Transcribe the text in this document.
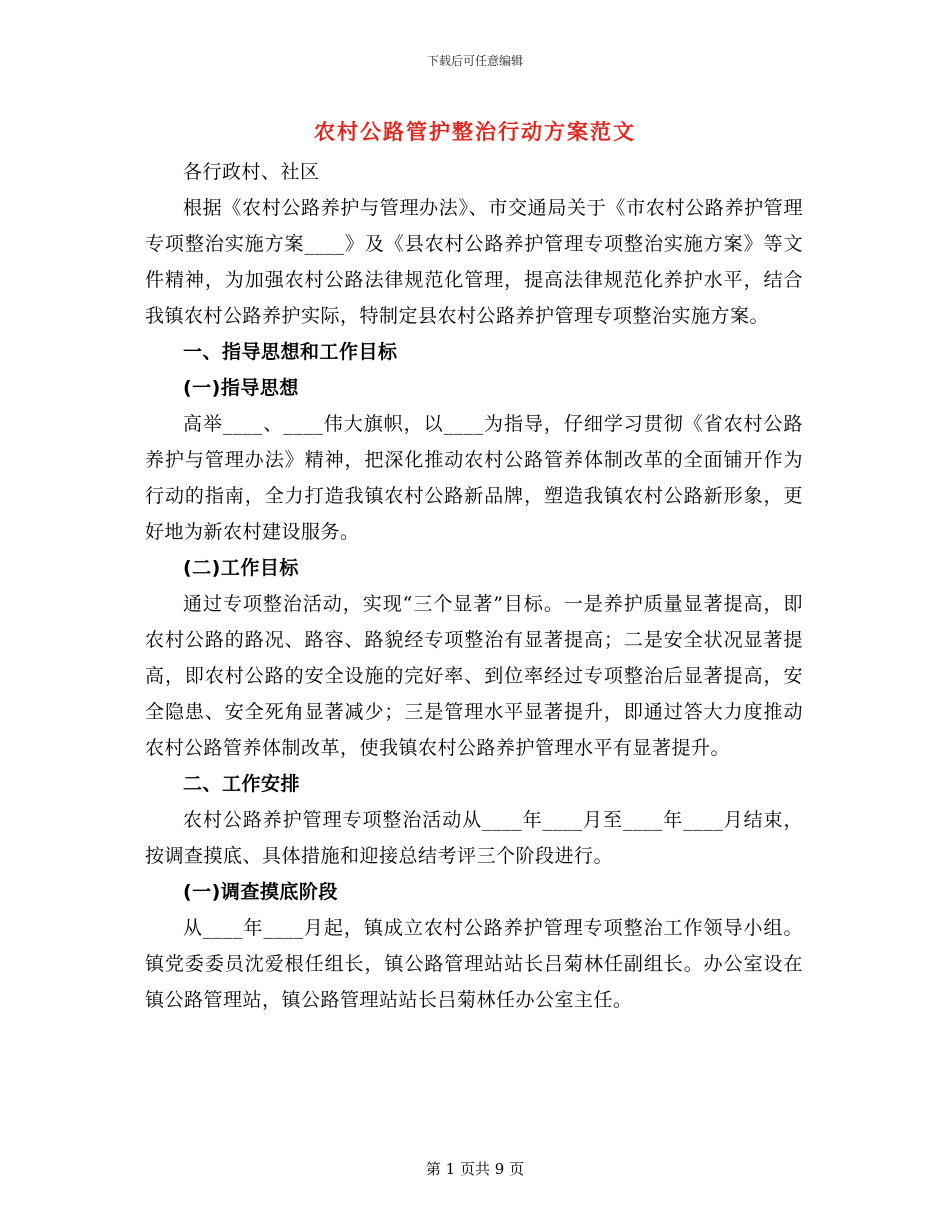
下载后可任意编辑
农村公路管护整治行动方案范文

各行政村、社区

根据《农村公路养护与管理办法》、市交通局关于《市农村公路养护管理专项整治实施方案____》及《县农村公路养护管理专项整治实施方案》等文件精神，为加强农村公路法律规范化管理，提高法律规范化养护水平，结合我镇农村公路养护实际，特制定县农村公路养护管理专项整治实施方案。

一、指导思想和工作目标

(一)指导思想

高举____、____伟大旗帜，以____为指导，仔细学习贯彻《省农村公路养护与管理办法》精神，把深化推动农村公路管养体制改革的全面铺开作为行动的指南，全力打造我镇农村公路新品牌，塑造我镇农村公路新形象，更好地为新农村建设服务。

(二)工作目标

通过专项整治活动，实现“三个显著”目标。一是养护质量显著提高，即农村公路的路况、路容、路貌经专项整治有显著提高；二是安全状况显著提高，即农村公路的安全设施的完好率、到位率经过专项整治后显著提高，安全隐患、安全死角显著减少；三是管理水平显著提升，即通过答大力度推动农村公路管养体制改革，使我镇农村公路养护管理水平有显著提升。

二、工作安排

农村公路养护管理专项整治活动从____年____月至____年____月结束，按调查摸底、具体措施和迎接总结考评三个阶段进行。

(一)调查摸底阶段

从____年____月起，镇成立农村公路养护管理专项整治工作领导小组。镇党委委员沈爱根任组长，镇公路管理站站长吕菊林任副组长。办公室设在镇公路管理站，镇公路管理站站长吕菊林任办公室主任。

第 1 页共 9 页
